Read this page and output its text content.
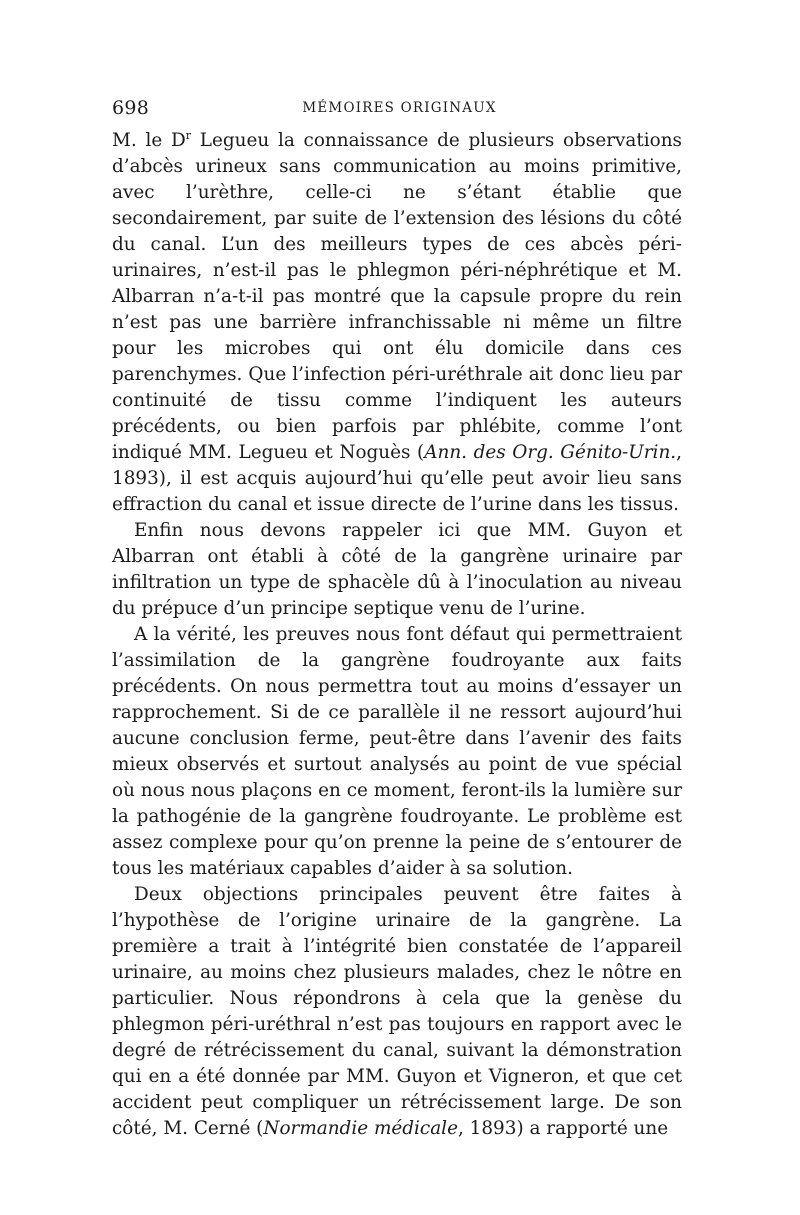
698	MÉMOIRES ORIGINAUX

M. le $D^r$ Legueu la connaissance de plusieurs observations d’abcès urineux sans communication au moins primitive, avec l’urèthre, celle-ci ne s’étant établie que secondairement, par suite de l’extension des lésions du côté du canal. L’un des meilleurs types de ces abcès péri-urinaires, n’est-il pas le phlegmon péri-néphrétique et M. Albarran n’a-t-il pas montré que la capsule propre du rein n’est pas une barrière infranchissable ni même un filtre pour les microbes qui ont élu domicile dans ces parenchymes. Que l’infection péri-uréthrale ait donc lieu par continuité de tissu comme l’indiquent les auteurs précédents, ou bien parfois par phlébite, comme l’ont indiqué MM. Legueu et Noguès (Ann. des Org. Génito-Urin., 1893), il est acquis aujourd’hui qu’elle peut avoir lieu sans effraction du canal et issue directe de l’urine dans les tissus.

Enfin nous devons rappeler ici que MM. Guyon et Albarran ont établi à côté de la gangrène urinaire par infiltration un type de sphacèle dû à l’inoculation au niveau du prépuce d’un principe septique venu de l’urine.

A la vérité, les preuves nous font défaut qui permettraient l’assimilation de la gangrène foudroyante aux faits précédents. On nous permettra tout au moins d’essayer un rapprochement. Si de ce parallèle il ne ressort aujourd’hui aucune conclusion ferme, peut-être dans l’avenir des faits mieux observés et surtout analysés au point de vue spécial où nous nous plaçons en ce moment, feront-ils la lumière sur la pathogénie de la gangrène foudroyante. Le problème est assez complexe pour qu’on prenne la peine de s’entourer de tous les matériaux capables d’aider à sa solution.

Deux objections principales peuvent être faites à l’hypothèse de l’origine urinaire de la gangrène. La première a trait à l’intégrité bien constatée de l’appareil urinaire, au moins chez plusieurs malades, chez le nôtre en particulier. Nous répondrons à cela que la genèse du phlegmon péri-uréthral n’est pas toujours en rapport avec le degré de rétrécissement du canal, suivant la démonstration qui en a été donnée par MM. Guyon et Vigneron, et que cet accident peut compliquer un rétrécissement large. De son côté, M. Cerné (Normandie médicale, 1893) a rapporté une
